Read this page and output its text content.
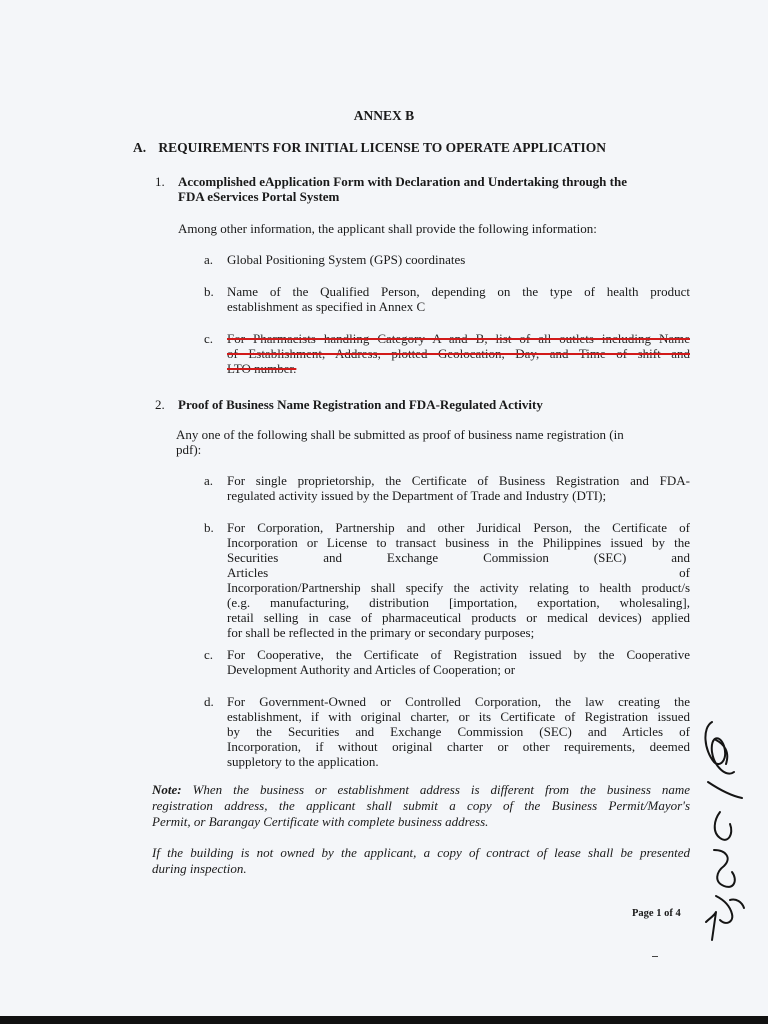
ANNEX B
A. REQUIREMENTS FOR INITIAL LICENSE TO OPERATE APPLICATION
1. Accomplished eApplication Form with Declaration and Undertaking through the
FDA eServices Portal System
Among other information, the applicant shall provide the following information:
a. Global Positioning System (GPS) coordinates
b. Name of the Qualified Person, depending on the type of health product
establishment as specified in Annex C
c. For Pharmacists handling Category A and B, list of all outlets including Name
of Establishment, Address, plotted Geolocation, Day, and Time of shift and
LTO number.
2. Proof of Business Name Registration and FDA-Regulated Activity
Any one of the following shall be submitted as proof of business name registration (in
pdf):
a. For single proprietorship, the Certificate of Business Registration and FDA-
regulated activity issued by the Department of Trade and Industry (DTI);
b. For Corporation, Partnership and other Juridical Person, the Certificate of
Incorporation or License to transact business in the Philippines issued by the
Securities and Exchange Commission (SEC) and Articles of
Incorporation/Partnership shall specify the activity relating to health product/s
(e.g. manufacturing, distribution [importation, exportation, wholesaling],
retail selling in case of pharmaceutical products or medical devices) applied
for shall be reflected in the primary or secondary purposes;
c. For Cooperative, the Certificate of Registration issued by the Cooperative
Development Authority and Articles of Cooperation; or
d. For Government-Owned or Controlled Corporation, the law creating the
establishment, if with original charter, or its Certificate of Registration issued
by the Securities and Exchange Commission (SEC) and Articles of
Incorporation, if without original charter or other requirements, deemed
suppletory to the application.
Note: When the business or establishment address is different from the business name
registration address, the applicant shall submit a copy of the Business Permit/Mayor's
Permit, or Barangay Certificate with complete business address.
If the building is not owned by the applicant, a copy of contract of lease shall be presented
during inspection.
Page 1 of 4
